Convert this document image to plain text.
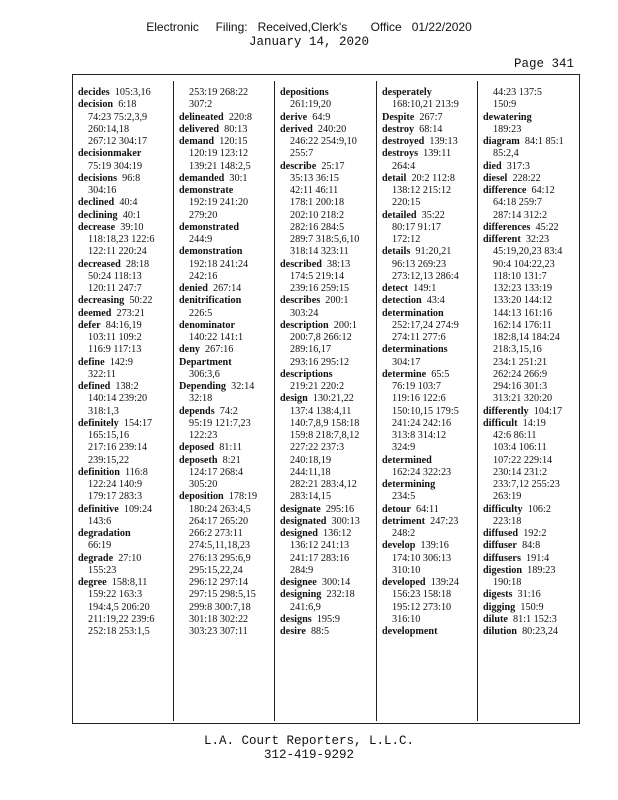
Electronic     Filing:   Received,Clerk's       Office   01/22/2020
January 14, 2020
Page 341
decides 105:3,16
decision 6:18
74:23 75:2,3,9
260:14,18
267:12 304:17
decisionmaker
75:19 304:19
decisions 96:8
304:16
declined 40:4
declining 40:1
decrease 39:10
118:18,23 122:6
122:11 220:24
decreased 28:18
50:24 118:13
120:11 247:7
decreasing 50:22
deemed 273:21
defer 84:16,19
103:11 109:2
116:9 117:13
define 142:9
322:11
defined 138:2
140:14 239:20
318:1,3
definitely 154:17
165:15,16
217:16 239:14
239:15,22
definition 116:8
122:24 140:9
179:17 283:3
definitive 109:24
143:6
degradation
66:19
degrade 27:10
155:23
degree 158:8,11
159:22 163:3
194:4,5 206:20
211:19,22 239:6
252:18 253:1,5
253:19 268:22
307:2
delineated 220:8
delivered 80:13
demand 120:15
120:19 123:12
139:21 148:2,5
demanded 30:1
demonstrate
192:19 241:20
279:20
demonstrated
244:9
demonstration
192:18 241:24
242:16
denied 267:14
denitrification
226:5
denominator
140:22 141:1
deny 267:16
Department
306:3,6
Depending 32:14
32:18
depends 74:2
95:19 121:7,23
122:23
deposed 81:11
deposeth 8:21
124:17 268:4
305:20
deposition 178:19
180:24 263:4,5
264:17 265:20
266:2 273:11
274:5,11,18,23
276:13 295:6,9
295:15,22,24
296:12 297:14
297:15 298:5,15
299:8 300:7,18
301:18 302:22
303:23 307:11
depositions
261:19,20
derive 64:9
derived 240:20
246:22 254:9,10
255:7
describe 25:17
35:13 36:15
42:11 46:11
178:1 200:18
202:10 218:2
282:16 284:5
289:7 318:5,6,10
318:14 323:11
described 38:13
174:5 219:14
239:16 259:15
describes 200:1
303:24
description 200:1
200:7,8 266:12
289:16,17
293:16 295:12
descriptions
219:21 220:2
design 130:21,22
137:4 138:4,11
140:7,8,9 158:18
159:8 218:7,8,12
227:22 237:3
240:18,19
244:11,18
282:21 283:4,12
283:14,15
designate 295:16
designated 300:13
designed 136:12
136:12 241:13
241:17 283:16
284:9
designee 300:14
designing 232:18
241:6,9
designs 195:9
desire 88:5
desperately
168:10,21 213:9
Despite 267:7
destroy 68:14
destroyed 139:13
destroys 139:11
264:4
detail 20:2 112:8
138:12 215:12
220:15
detailed 35:22
80:17 91:17
172:12
details 91:20,21
96:13 269:23
273:12,13 286:4
detect 149:1
detection 43:4
determination
252:17,24 274:9
274:11 277:6
determinations
304:17
determine 65:5
76:19 103:7
119:16 122:6
150:10,15 179:5
241:24 242:16
313:8 314:12
324:9
determined
162:24 322:23
determining
234:5
detour 64:11
detriment 247:23
248:2
develop 139:16
174:10 306:13
310:10
developed 139:24
156:23 158:18
195:12 273:10
316:10
development
44:23 137:5
150:9
dewatering
189:23
diagram 84:1 85:1
85:2,4
died 317:3
diesel 228:22
difference 64:12
64:18 259:7
287:14 312:2
differences 45:22
different 32:23
45:19,20,23 83:4
90:4 104:22,23
118:10 131:7
132:23 133:19
133:20 144:12
144:13 161:16
162:14 176:11
182:8,14 184:24
218:3,15,16
234:1 251:21
262:24 266:9
294:16 301:3
313:21 320:20
differently 104:17
difficult 14:19
42:6 86:11
103:4 106:11
107:22 229:14
230:14 231:2
233:7,12 255:23
263:19
difficulty 106:2
223:18
diffused 192:2
diffuser 84:8
diffusers 191:4
digestion 189:23
190:18
digests 31:16
digging 150:9
dilute 81:1 152:3
dilution 80:23,24
L.A. Court Reporters, L.L.C.
312-419-9292
